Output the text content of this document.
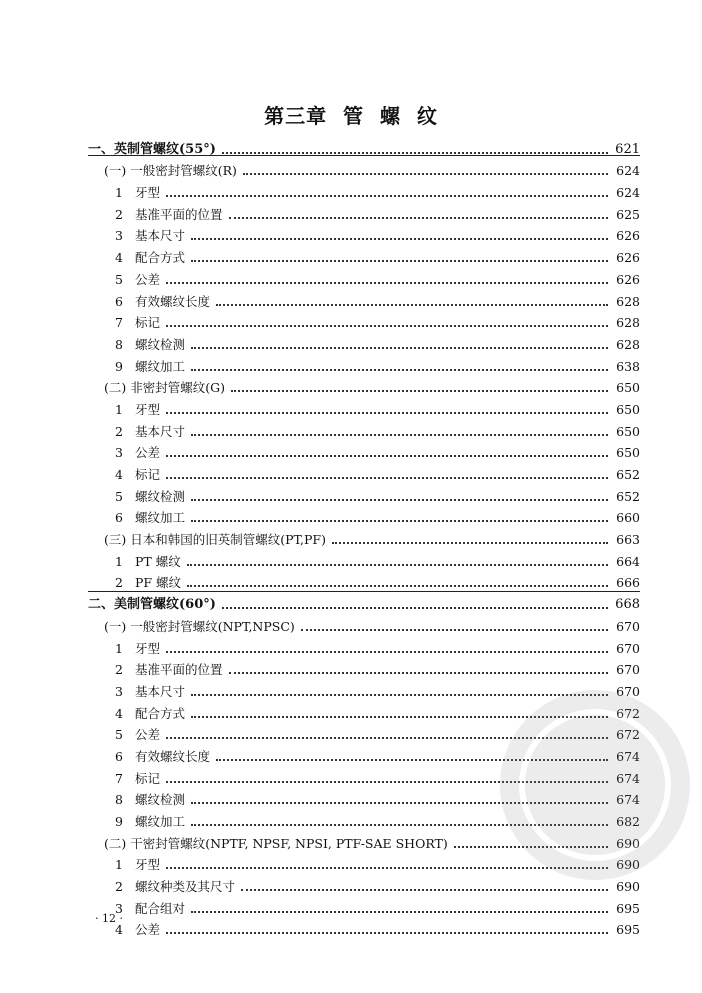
第三章  管  螺  纹
一、英制管螺纹(55°)	621
(一) 一般密封管螺纹(R)	624
1 牙型	624
2 基准平面的位置	625
3 基本尺寸	626
4 配合方式	626
5 公差	626
6 有效螺纹长度	628
7 标记	628
8 螺纹检测	628
9 螺纹加工	638
(二) 非密封管螺纹(G)	650
1 牙型	650
2 基本尺寸	650
3 公差	650
4 标记	652
5 螺纹检测	652
6 螺纹加工	660
(三) 日本和韩国的旧英制管螺纹(PT,PF)	663
1 PT 螺纹	664
2 PF 螺纹	666
二、美制管螺纹(60°)	668
(一) 一般密封管螺纹(NPT,NPSC)	670
1 牙型	670
2 基准平面的位置	670
3 基本尺寸	670
4 配合方式	672
5 公差	672
6 有效螺纹长度	674
7 标记	674
8 螺纹检测	674
9 螺纹加工	682
(二) 干密封管螺纹(NPTF, NPSF, NPSI, PTF-SAE SHORT)	690
1 牙型	690
2 螺纹种类及其尺寸	690
3 配合组对	695
4 公差	695
· 12 ·
